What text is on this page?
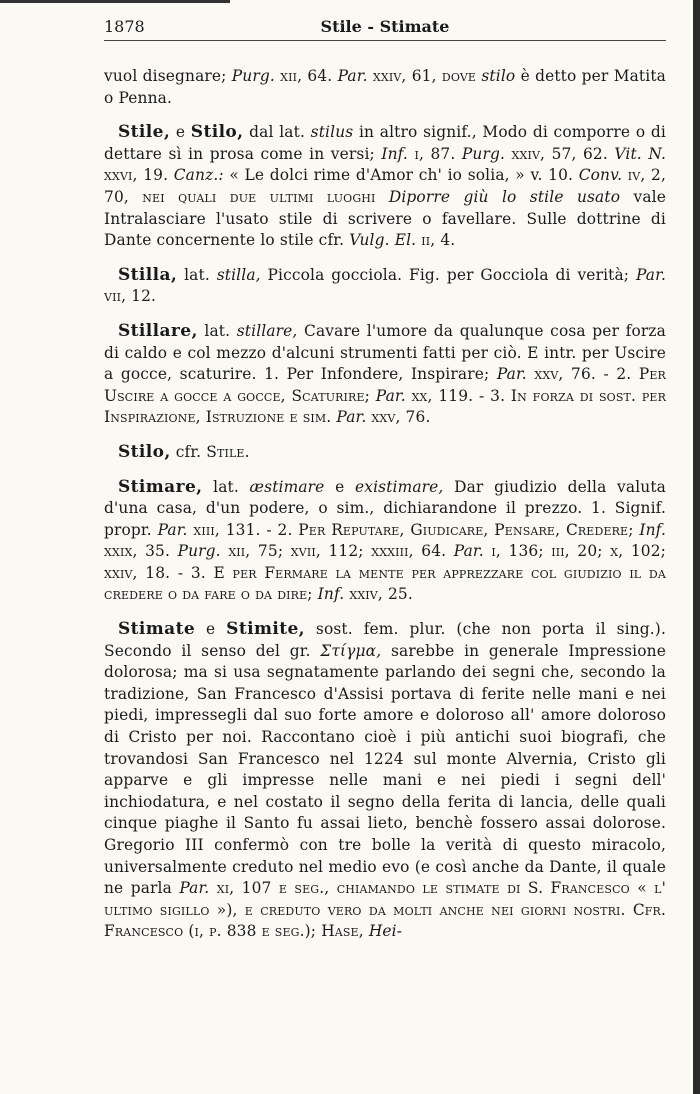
1878	Stile - Stimate

vuol disegnare; Purg. xii, 64. Par. xxiv, 61, dove stilo è detto per Matita o Penna.

Stile, e Stilo, dal lat. stilus in altro signif., Modo di comporre o di dettare sì in prosa come in versi; Inf. i, 87. Purg. xxiv, 57, 62. Vit. N. xxvi, 19. Canz.: « Le dolci rime d'Amor ch' io solia, » v. 10. Conv. iv, 2, 70, nei quali due ultimi luoghi Diporre giù lo stile usato vale Intralasciare l'usato stile di scrivere o favellare. Sulle dottrine di Dante concernente lo stile cfr. Vulg. El. ii, 4.

Stilla, lat. stilla, Piccola gocciola. Fig. per Gocciola di verità; Par. vii, 12.

Stillare, lat. stillare, Cavare l'umore da qualunque cosa per forza di caldo e col mezzo d'alcuni strumenti fatti per ciò. E intr. per Uscire a gocce, scaturire. 1. Per Infondere, Inspirare; Par. xxv, 76. - 2. Per Uscire a gocce a gocce, Scaturire; Par. xx, 119. - 3. In forza di sost. per Inspirazione, Istruzione e sim. Par. xxv, 76.

Stilo, cfr. Stile.

Stimare, lat. æstimare e existimare, Dar giudizio della valuta d'una casa, d'un podere, o sim., dichiarandone il prezzo. 1. Signif. propr. Par. xiii, 131. - 2. Per Reputare, Giudicare, Pensare, Credere; Inf. xxix, 35. Purg. xii, 75; xvii, 112; xxxiii, 64. Par. i, 136; iii, 20; x, 102; xxiv, 18. - 3. E per Fermare la mente per apprezzare col giudizio il da credere o da fare o da dire; Inf. xxiv, 25.

Stimate e Stimite, sost. fem. plur. (che non porta il sing.). Secondo il senso del gr. Στίγμα, sarebbe in generale Impressione dolorosa; ma si usa segnatamente parlando dei segni che, secondo la tradizione, San Francesco d'Assisi portava di ferite nelle mani e nei piedi, impressegli dal suo forte amore e doloroso all' amore doloroso di Cristo per noi. Raccontano cioè i più antichi suoi biografi, che trovandosi San Francesco nel 1224 sul monte Alvernia, Cristo gli apparve e gli impresse nelle mani e nei piedi i segni dell' inchiodatura, e nel costato il segno della ferita di lancia, delle quali cinque piaghe il Santo fu assai lieto, benchè fossero assai dolorose. Gregorio III confermò con tre bolle la verità di questo miracolo, universalmente creduto nel medio evo (e così anche da Dante, il quale ne parla Par. xi, 107 e seg., chiamando le stimate di S. Francesco « l' ultimo sigillo »), e creduto vero da molti anche nei giorni nostri. Cfr. Francesco (i, p. 838 e seg.); Hase, Hei-
